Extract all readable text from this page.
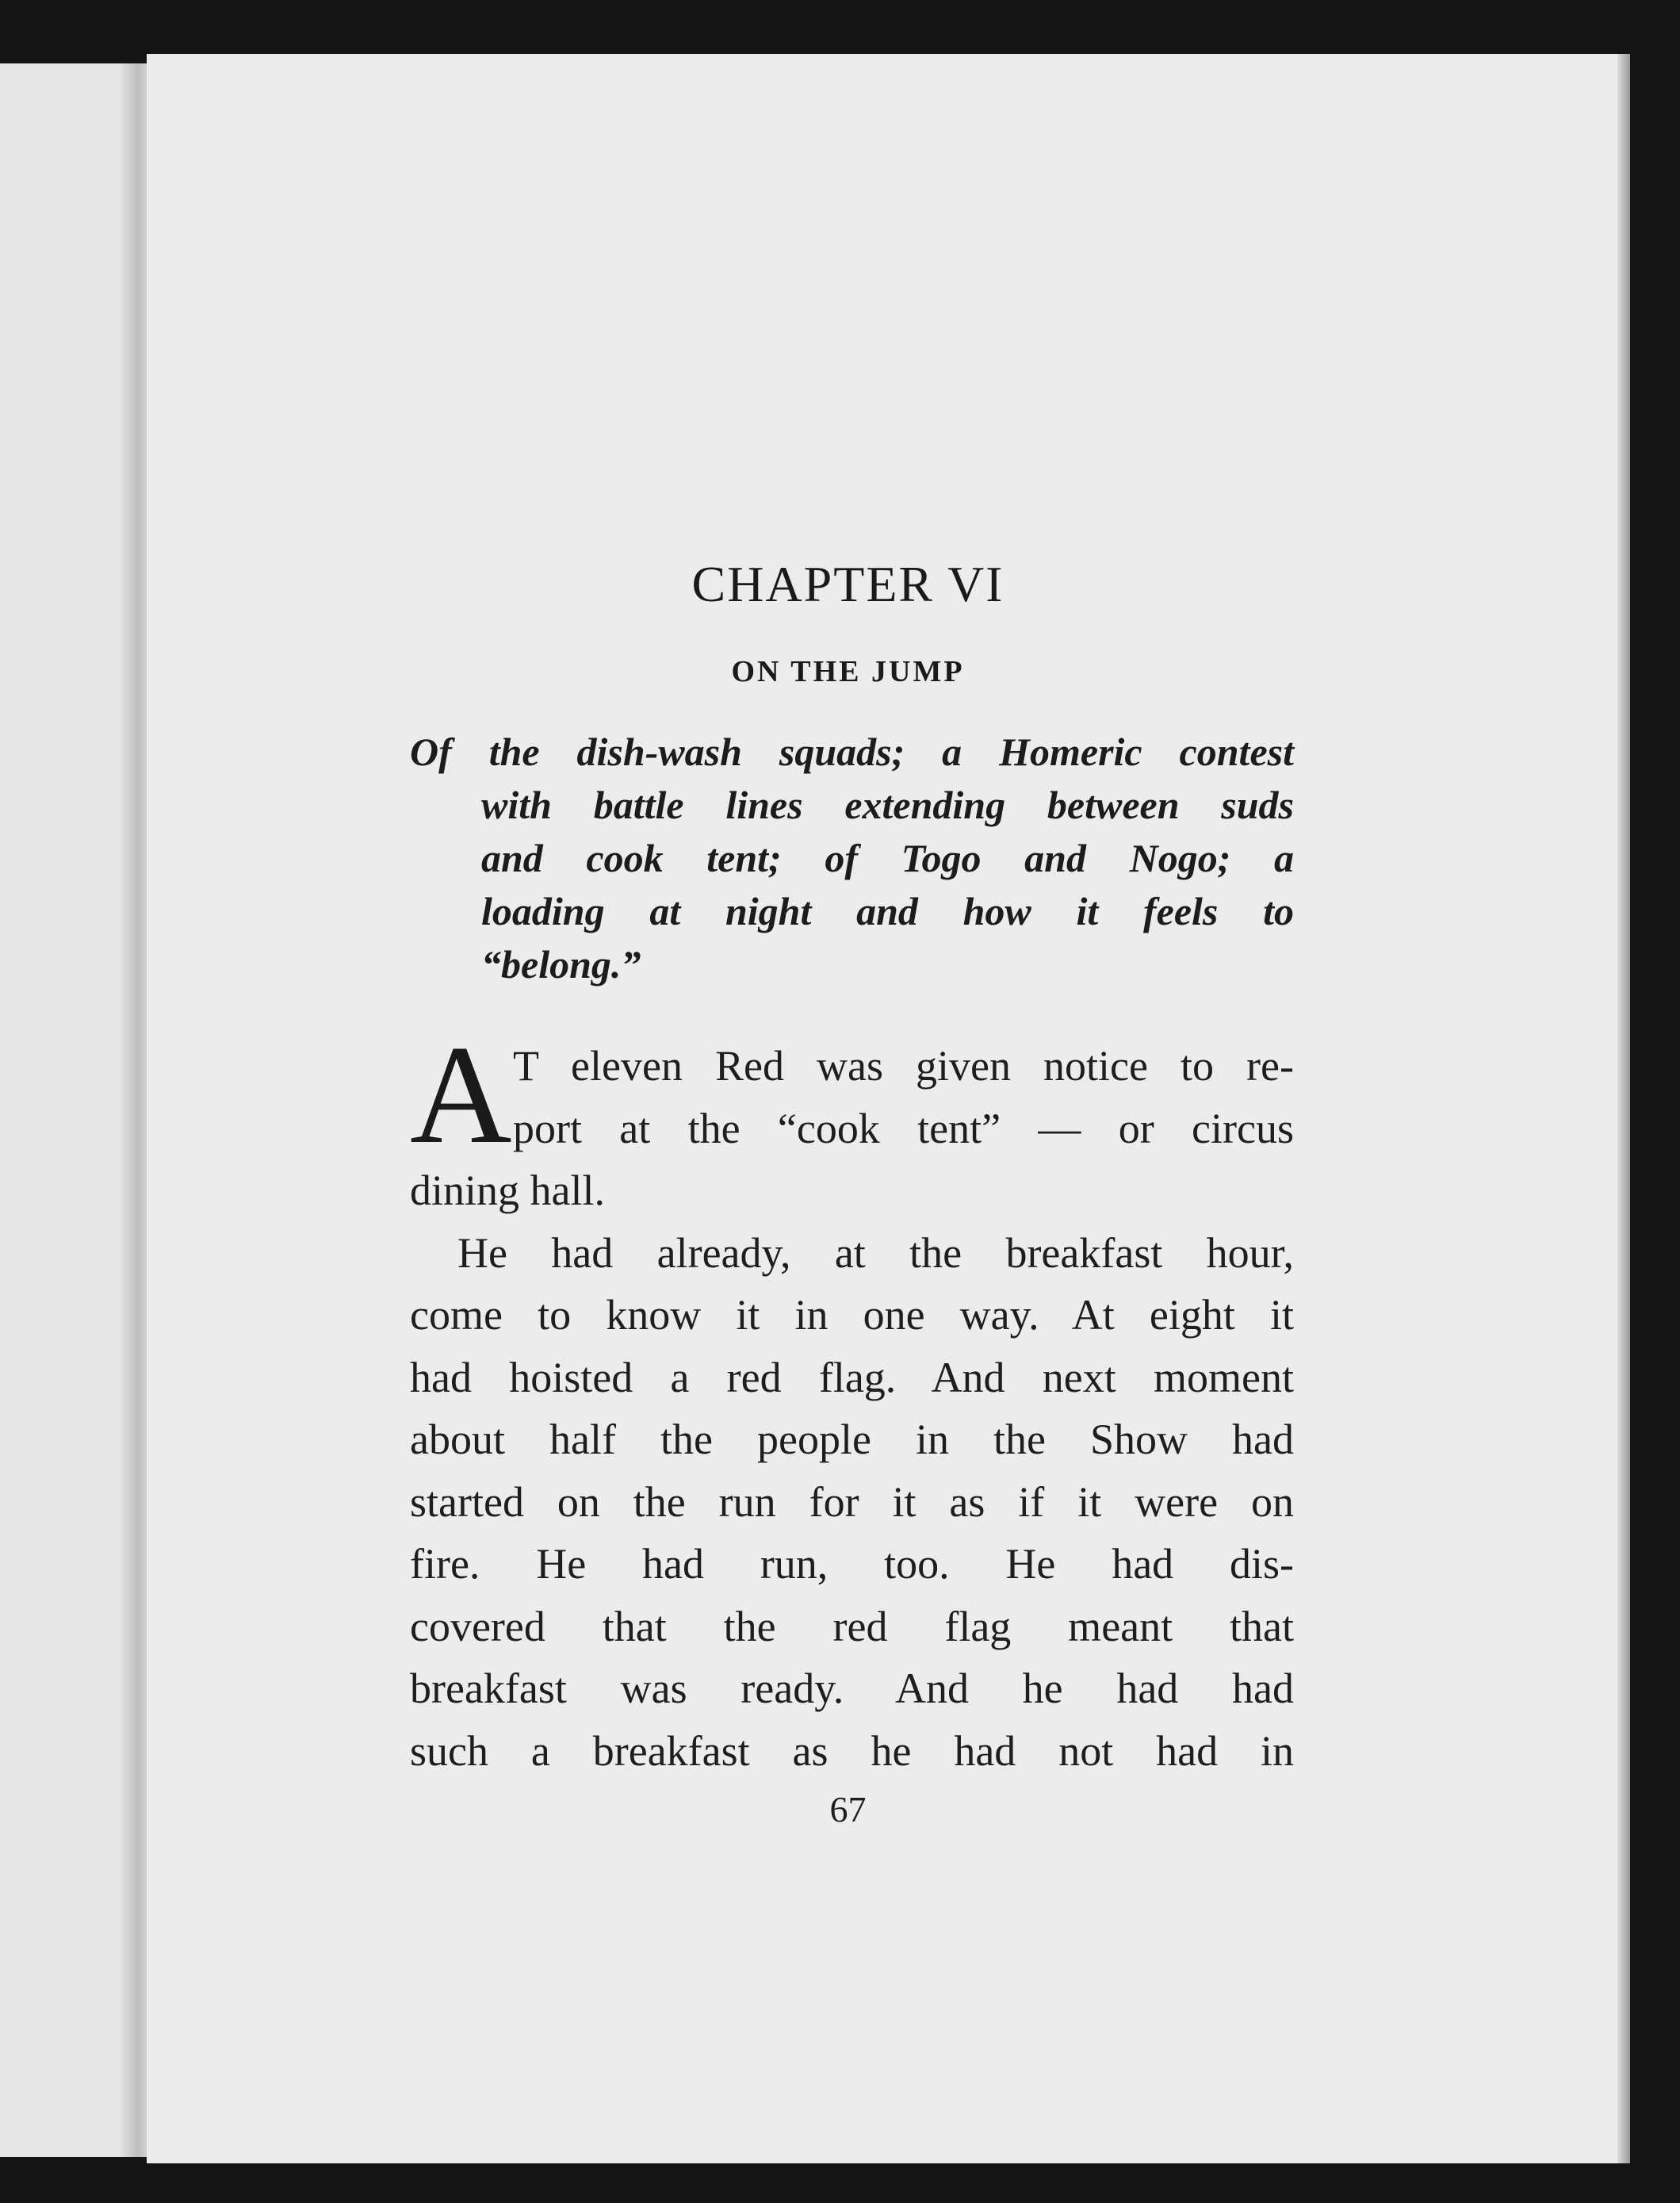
CHAPTER VI
ON THE JUMP
Of the dish-wash squads; a Homeric contest
with battle lines extending between suds
and cook tent; of Togo and Nogo; a
loading at night and how it feels to
“belong.”
A T eleven Red was given notice to re-
port at the “cook tent” — or circus
dining hall.
He had already, at the breakfast hour,
come to know it in one way. At eight it
had hoisted a red flag. And next moment
about half the people in the Show had
started on the run for it as if it were on
fire. He had run, too. He had dis-
covered that the red flag meant that
breakfast was ready. And he had had
such a breakfast as he had not had in
67
